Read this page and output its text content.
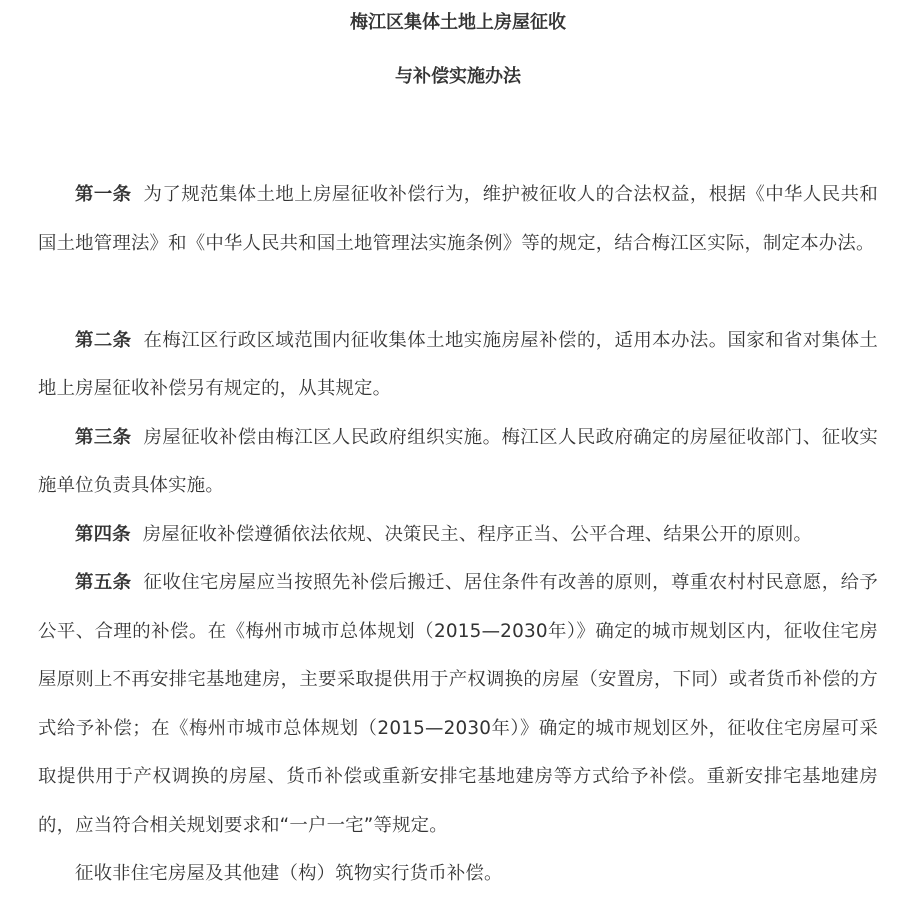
梅江区集体土地上房屋征收
与补偿实施办法

第一条 为了规范集体土地上房屋征收补偿行为，维护被征收人的合法权益，根据《中华人民共和国土地管理法》和《中华人民共和国土地管理法实施条例》等的规定，结合梅江区实际，制定本办法。

第二条 在梅江区行政区域范围内征收集体土地实施房屋补偿的，适用本办法。国家和省对集体土地上房屋征收补偿另有规定的，从其规定。

第三条 房屋征收补偿由梅江区人民政府组织实施。梅江区人民政府确定的房屋征收部门、征收实施单位负责具体实施。

第四条 房屋征收补偿遵循依法依规、决策民主、程序正当、公平合理、结果公开的原则。

第五条 征收住宅房屋应当按照先补偿后搬迁、居住条件有改善的原则，尊重农村村民意愿，给予公平、合理的补偿。在《梅州市城市总体规划（2015—2030年）》确定的城市规划区内，征收住宅房屋原则上不再安排宅基地建房，主要采取提供用于产权调换的房屋（安置房，下同）或者货币补偿的方式给予补偿；在《梅州市城市总体规划（2015—2030年）》确定的城市规划区外，征收住宅房屋可采取提供用于产权调换的房屋、货币补偿或重新安排宅基地建房等方式给予补偿。重新安排宅基地建房的，应当符合相关规划要求和“一户一宅”等规定。

征收非住宅房屋及其他建（构）筑物实行货币补偿。
